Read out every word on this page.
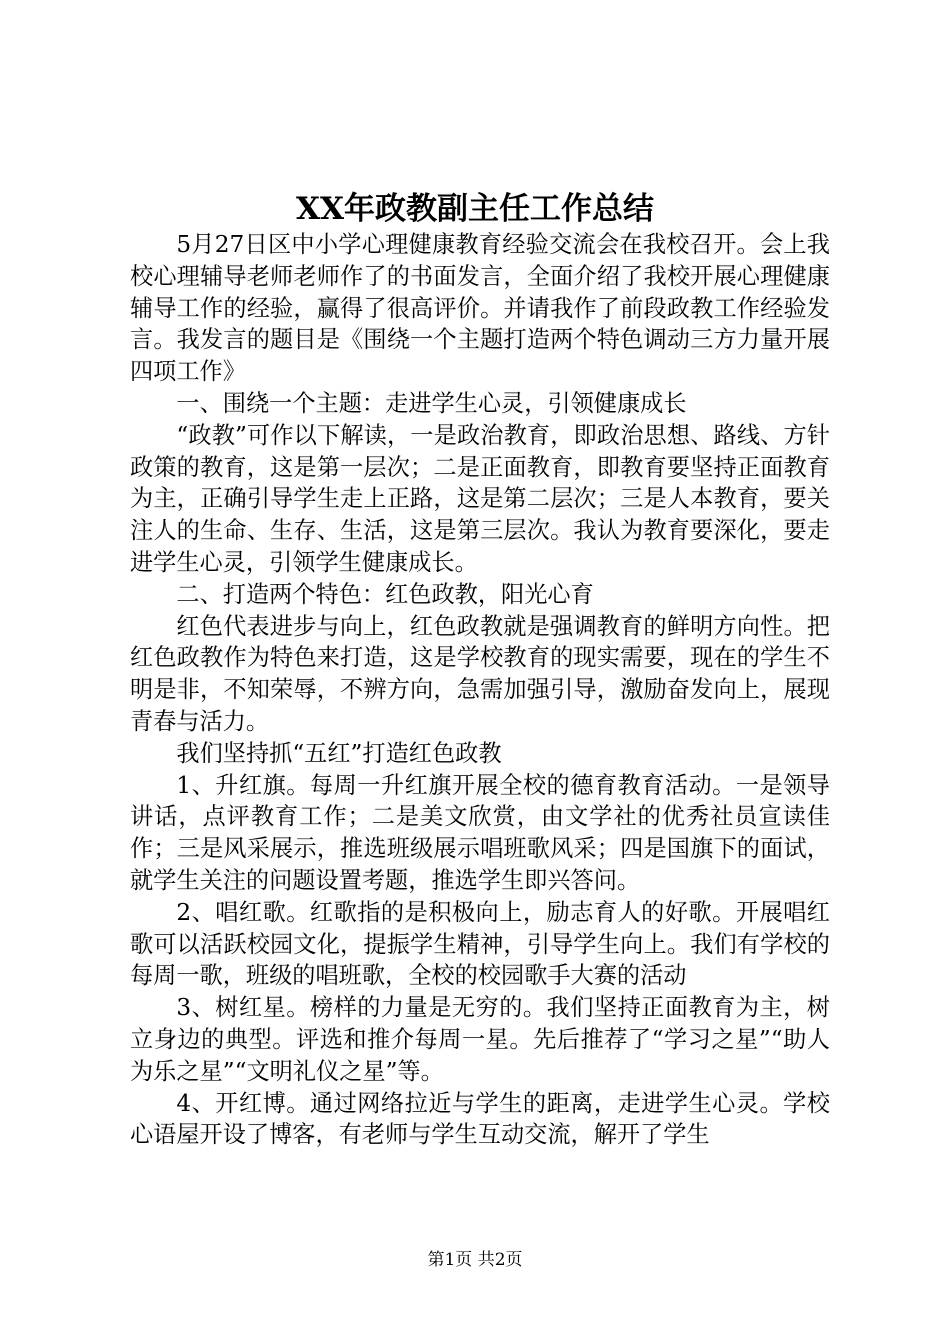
XX年政教副主任工作总结

5月27日区中小学心理健康教育经验交流会在我校召开。会上我校心理辅导老师老师作了的书面发言，全面介绍了我校开展心理健康辅导工作的经验，赢得了很高评价。并请我作了前段政教工作经验发言。我发言的题目是《围绕一个主题打造两个特色调动三方力量开展四项工作》

一、围绕一个主题：走进学生心灵，引领健康成长

“政教”可作以下解读，一是政治教育，即政治思想、路线、方针政策的教育，这是第一层次；二是正面教育，即教育要坚持正面教育为主，正确引导学生走上正路，这是第二层次；三是人本教育，要关注人的生命、生存、生活，这是第三层次。我认为教育要深化，要走进学生心灵，引领学生健康成长。

二、打造两个特色：红色政教，阳光心育

红色代表进步与向上，红色政教就是强调教育的鲜明方向性。把红色政教作为特色来打造，这是学校教育的现实需要，现在的学生不明是非，不知荣辱，不辨方向，急需加强引导，激励奋发向上，展现青春与活力。

我们坚持抓“五红”打造红色政教

1、升红旗。每周一升红旗开展全校的德育教育活动。一是领导讲话，点评教育工作；二是美文欣赏，由文学社的优秀社员宣读佳作；三是风采展示，推选班级展示唱班歌风采；四是国旗下的面试，就学生关注的问题设置考题，推选学生即兴答问。

2、唱红歌。红歌指的是积极向上，励志育人的好歌。开展唱红歌可以活跃校园文化，提振学生精神，引导学生向上。我们有学校的每周一歌，班级的唱班歌，全校的校园歌手大赛的活动

3、树红星。榜样的力量是无穷的。我们坚持正面教育为主，树立身边的典型。评选和推介每周一星。先后推荐了“学习之星”“助人为乐之星”“文明礼仪之星”等。

4、开红博。通过网络拉近与学生的距离，走进学生心灵。学校心语屋开设了博客，有老师与学生互动交流，解开了学生

第1页 共2页
